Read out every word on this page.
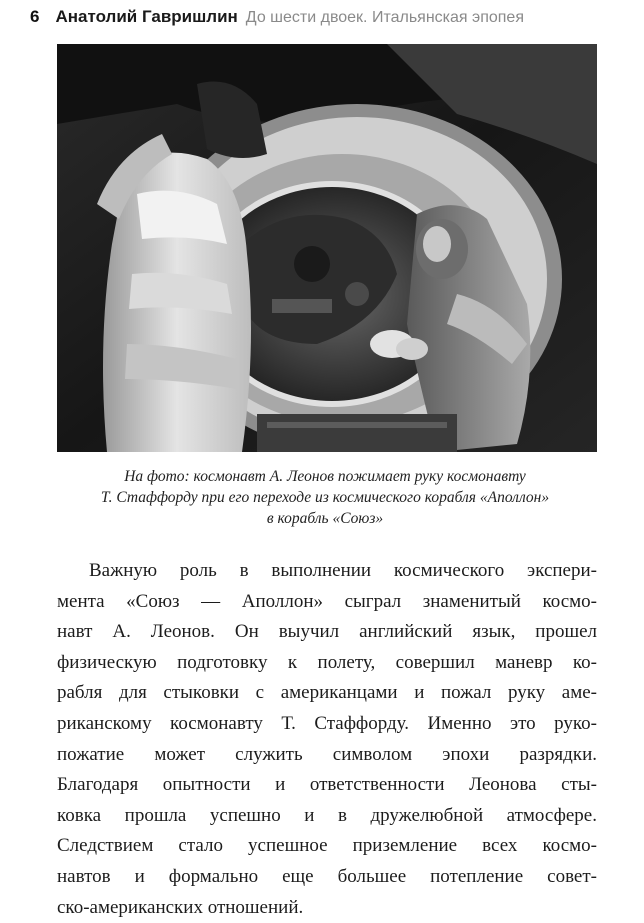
6 Анатолий Гавришлин До шести двоек. Итальянская эпопея
На фото: космонавт А. Леонов пожимает руку космонавту
Т. Стаффорду при его переходе из космического корабля «Аполлон»
в корабль «Союз»
Важную роль в выполнении космического экспери-
мента «Союз — Аполлон» сыграл знаменитый космо-
навт А. Леонов. Он выучил английский язык, прошел
физическую подготовку к полету, совершил маневр ко-
рабля для стыковки с американцами и пожал руку аме-
риканскому космонавту Т. Стаффорду. Именно это руко-
пожатие может служить символом эпохи разрядки.
Благодаря опытности и ответственности Леонова сты-
ковка прошла успешно и в дружелюбной атмосфере.
Следствием стало успешное приземление всех космо-
навтов и формально еще большее потепление совет-
ско-американских отношений.
